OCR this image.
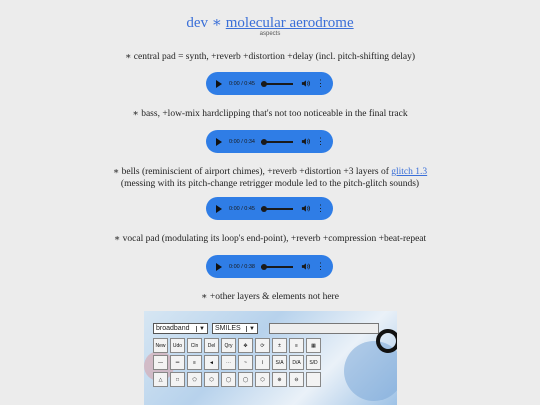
dev ∗ molecular aerodrome
aspects
∗ central pad = synth, +reverb +distortion +delay (incl. pitch-shifting delay)
0:00 / 0:45	⋮
∗ bass, +low-mix hardclipping that's not too noticeable in the final track
0:00 / 0:34	⋮
∗ bells (reminiscient of airport chimes), +reverb +distortion +3 layers of glitch 1.3
(messing with its pitch-change retrigger module led to the pitch-glitch sounds)
0:00 / 0:45	⋮
∗ vocal pad (modulating its loop's end-point), +reverb +compression +beat-repeat
0:00 / 0:38	⋮
∗ +other layers & elements not here
broadband	▼ SMILES	▼
New	Udo	Cln	Del	Qry	✥	⟳	±	≡	▦
—	═	≡	◄	⋯	~	⌇	S/A	D/A	S/D
△	□	⬠	⬡	◯	◯	⬡	⊕	⊖
